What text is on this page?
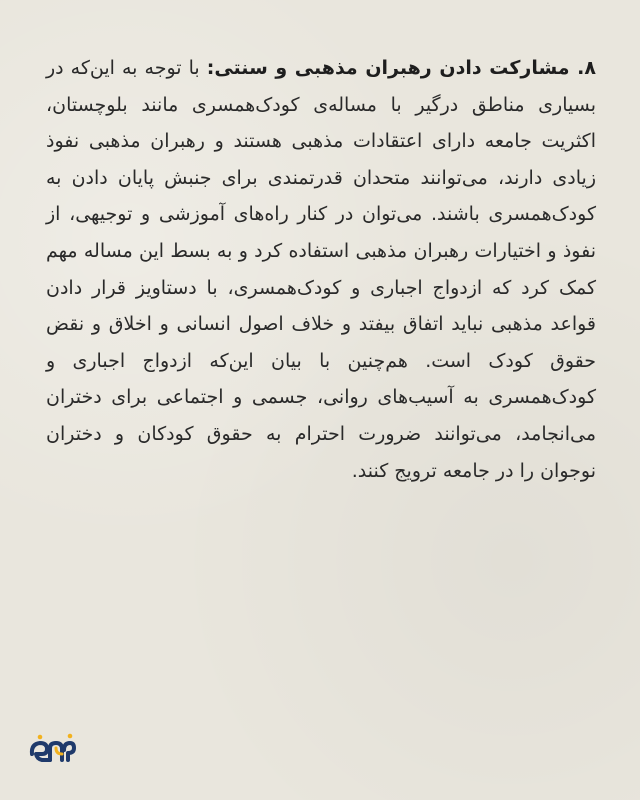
۸. مشارکت دادن رهبران مذهبی و سنتی: با توجه به این‌که در بسیاری مناطق درگیر با مساله‌ی کودک‌همسری مانند بلوچستان، اکثریت جامعه دارای اعتقادات مذهبی هستند و رهبران مذهبی نفوذ زیادی دارند، می‌توانند متحدان قدرتمندی برای جنبش پایان دادن به کودک‌همسری باشند. می‌توان در کنار راه‌های آموزشی و توجیهی، از نفوذ و اختیارات رهبران مذهبی استفاده کرد و به بسط این مساله مهم کمک کرد که ازدواج اجباری و کودک‌همسری، با دستاویز قرار دادن قواعد مذهبی نباید اتفاق بیفتد و خلاف اصول انسانی و اخلاق و نقض حقوق کودک است. هم‌چنین با بیان این‌که ازدواج اجباری و کودک‌همسری به آسیب‌های روانی، جسمی و اجتماعی برای دختران می‌انجامد، می‌توانند ضرورت احترام به حقوق کودکان و دختران نوجوان را در جامعه ترویج کنند.
